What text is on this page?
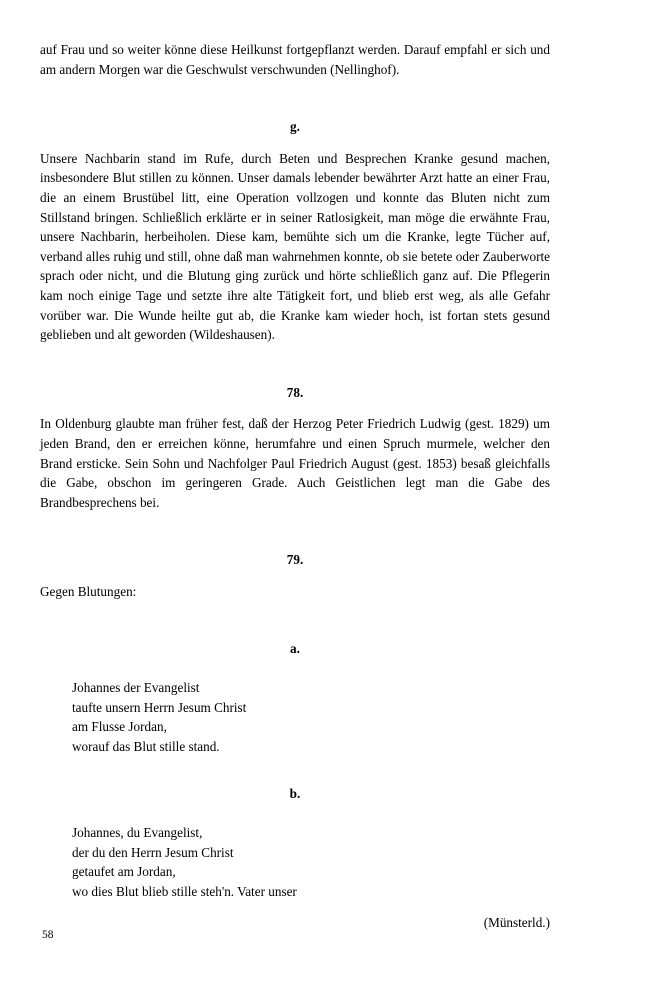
auf Frau und so weiter könne diese Heilkunst fortgepflanzt werden. Darauf empfahl er sich und am andern Morgen war die Geschwulst verschwunden (Nellinghof).

g.

Unsere Nachbarin stand im Rufe, durch Beten und Besprechen Kranke gesund machen, insbesondere Blut stillen zu können. Unser damals lebender bewährter Arzt hatte an einer Frau, die an einem Brustübel litt, eine Operation vollzogen und konnte das Bluten nicht zum Stillstand bringen. Schließlich erklärte er in seiner Ratlosigkeit, man möge die erwähnte Frau, unsere Nachbarin, herbeiholen. Diese kam, bemühte sich um die Kranke, legte Tücher auf, verband alles ruhig und still, ohne daß man wahrnehmen konnte, ob sie betete oder Zauberworte sprach oder nicht, und die Blutung ging zurück und hörte schließlich ganz auf. Die Pflegerin kam noch einige Tage und setzte ihre alte Tätigkeit fort, und blieb erst weg, als alle Gefahr vorüber war. Die Wunde heilte gut ab, die Kranke kam wieder hoch, ist fortan stets gesund geblieben und alt geworden (Wildeshausen).

78.

In Oldenburg glaubte man früher fest, daß der Herzog Peter Friedrich Ludwig (gest. 1829) um jeden Brand, den er erreichen könne, herumfahre und einen Spruch murmele, welcher den Brand ersticke. Sein Sohn und Nachfolger Paul Friedrich August (gest. 1853) besaß gleichfalls die Gabe, obschon im geringeren Grade. Auch Geistlichen legt man die Gabe des Brandbesprechens bei.

79.

Gegen Blutungen:

a.

Johannes der Evangelist
taufte unsern Herrn Jesum Christ
am Flusse Jordan,
worauf das Blut stille stand.

b.

Johannes, du Evangelist,
der du den Herrn Jesum Christ
getaufet am Jordan,
wo dies Blut blieb stille steh'n. Vater unser

(Münsterld.)

58
